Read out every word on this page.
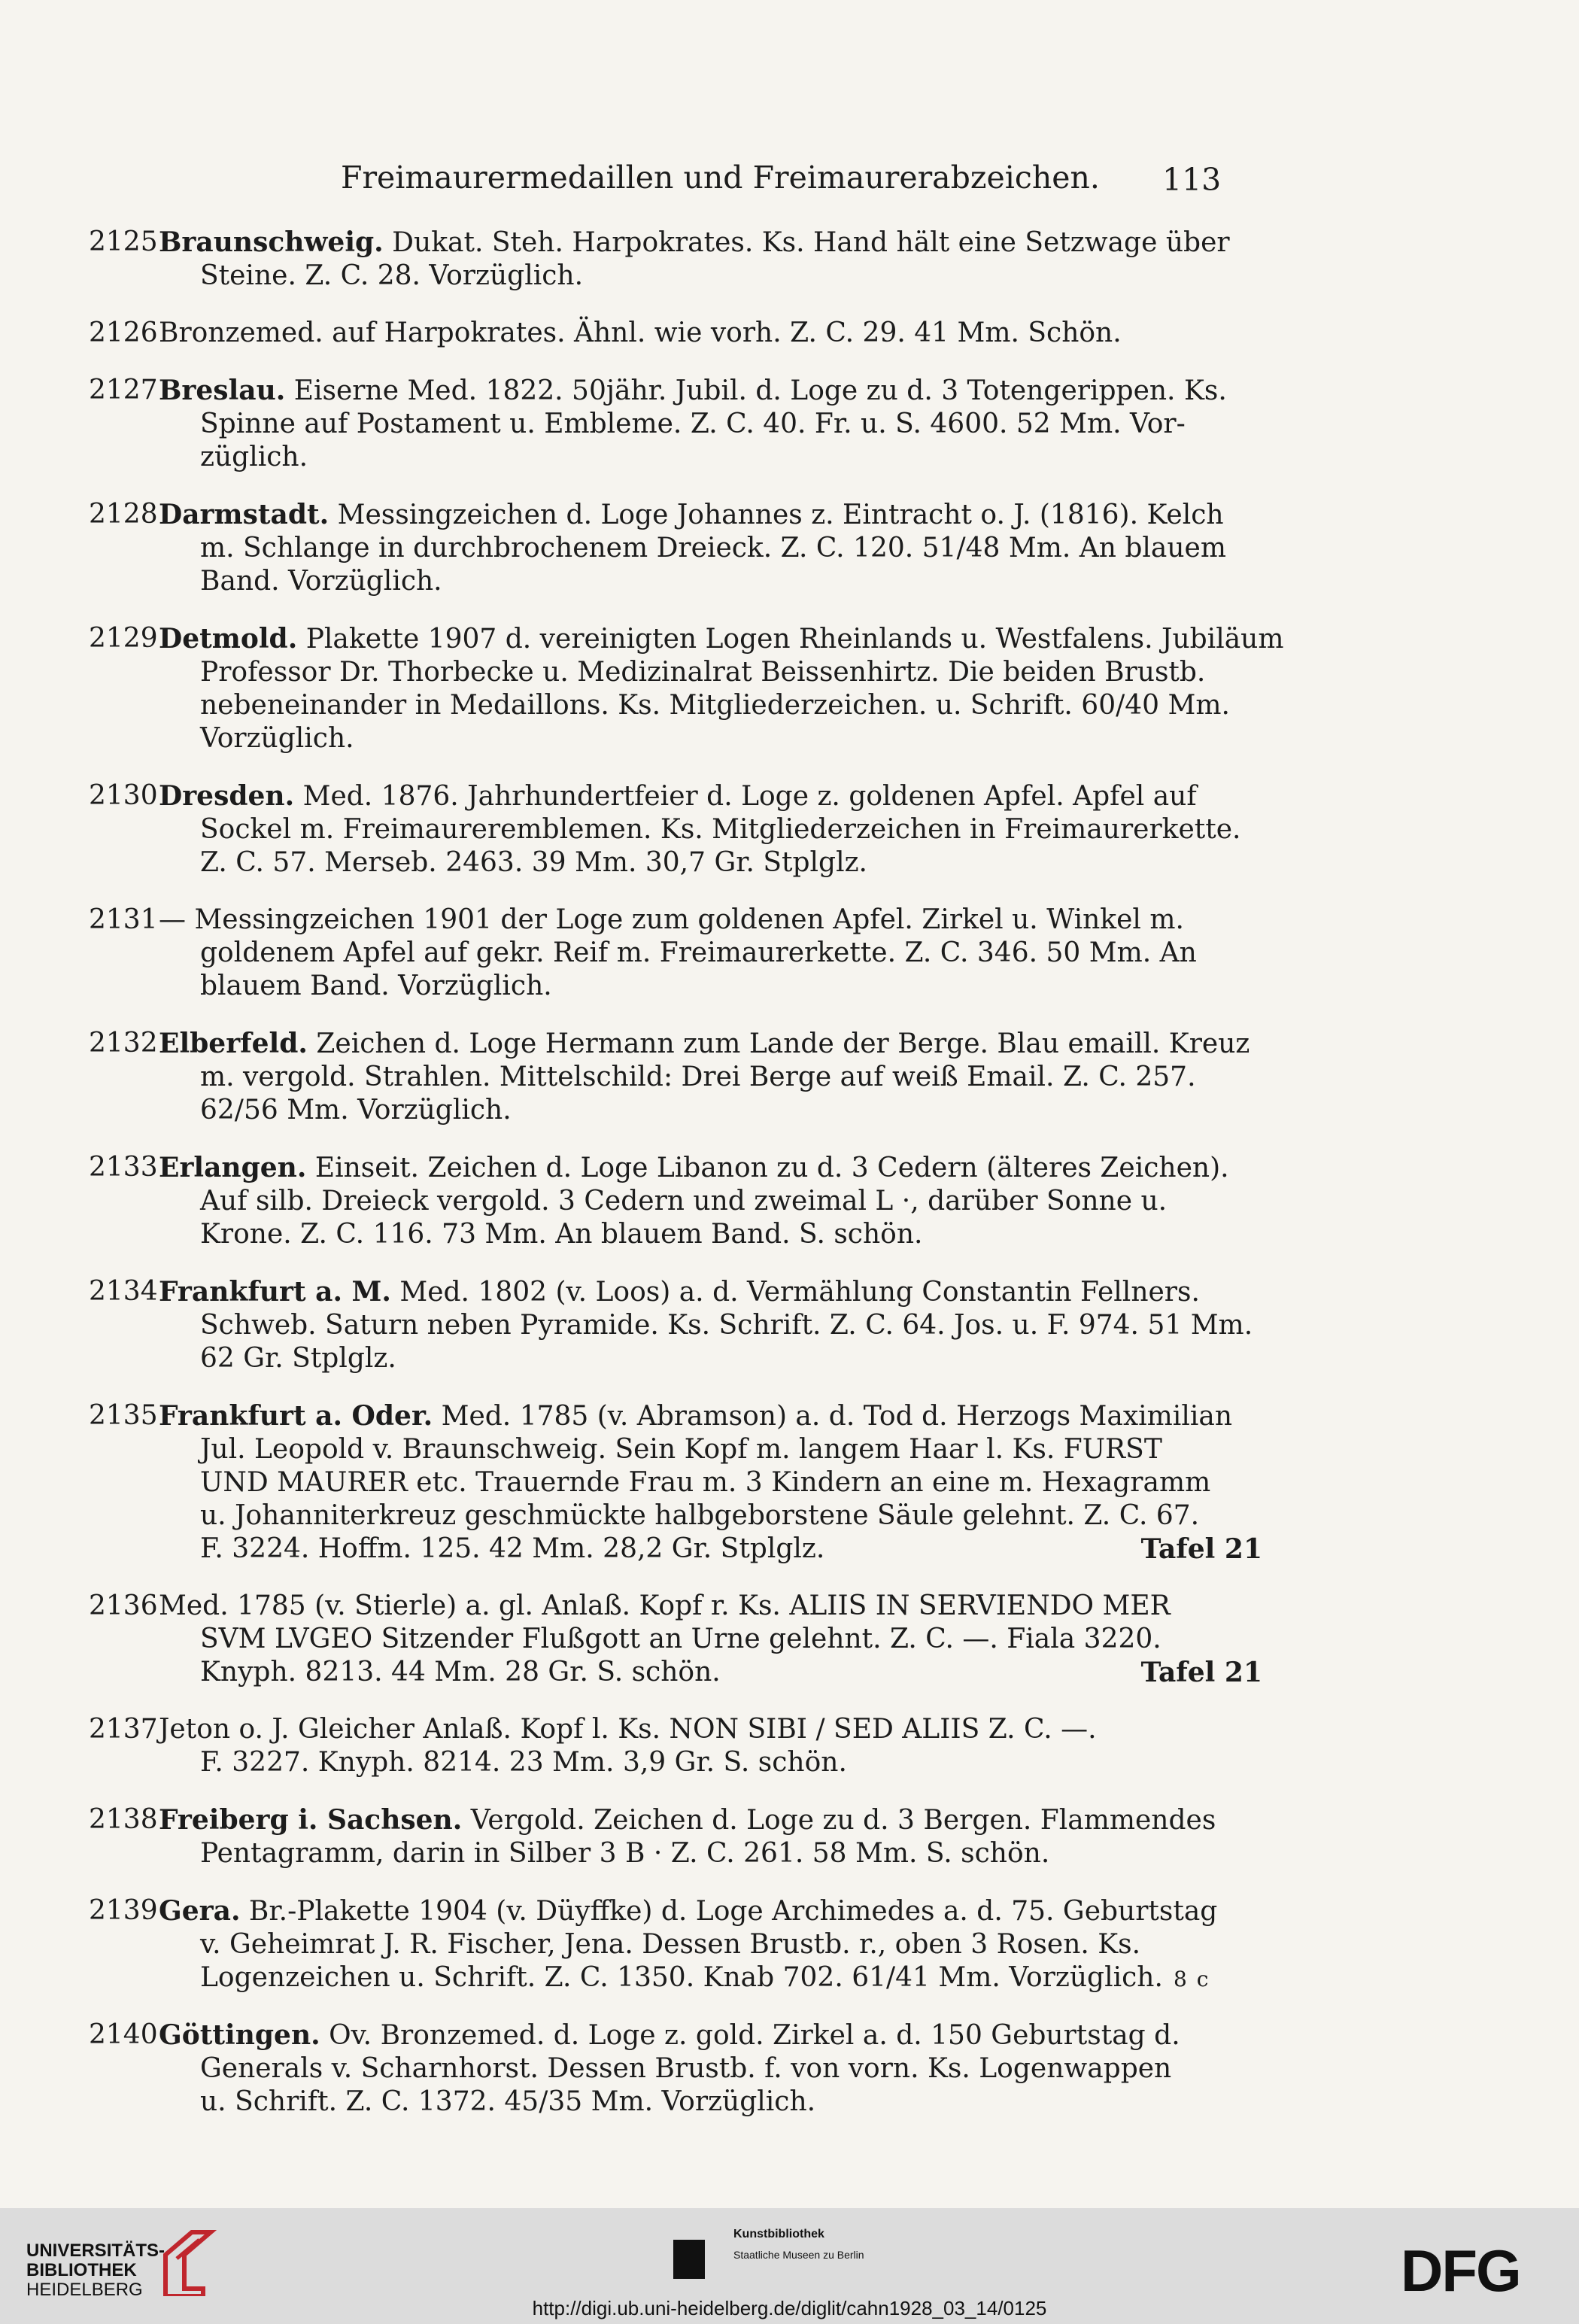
Freimaurermedaillen und Freimaurerabzeichen. 113
2125 Braunschweig. Dukat. Steh. Harpokrates. Ks. Hand hält eine Setzwage über
Steine. Z. C. 28. Vorzüglich.
2126 Bronzemed. auf Harpokrates. Ähnl. wie vorh. Z. C. 29. 41 Mm. Schön.
2127 Breslau. Eiserne Med. 1822. 50jähr. Jubil. d. Loge zu d. 3 Totengerippen. Ks.
Spinne auf Postament u. Embleme. Z. C. 40. Fr. u. S. 4600. 52 Mm. Vor-
züglich.
2128 Darmstadt. Messingzeichen d. Loge Johannes z. Eintracht o. J. (1816). Kelch
m. Schlange in durchbrochenem Dreieck. Z. C. 120. 51/48 Mm. An blauem
Band. Vorzüglich.
2129 Detmold. Plakette 1907 d. vereinigten Logen Rheinlands u. Westfalens. Jubiläum
Professor Dr. Thorbecke u. Medizinalrat Beissenhirtz. Die beiden Brustb.
nebeneinander in Medaillons. Ks. Mitgliederzeichen. u. Schrift. 60/40 Mm.
Vorzüglich.
2130 Dresden. Med. 1876. Jahrhundertfeier d. Loge z. goldenen Apfel. Apfel auf
Sockel m. Freimaureremblemen. Ks. Mitgliederzeichen in Freimaurerkette.
Z. C. 57. Merseb. 2463. 39 Mm. 30,7 Gr. Stplglz.
2131 — Messingzeichen 1901 der Loge zum goldenen Apfel. Zirkel u. Winkel m.
goldenem Apfel auf gekr. Reif m. Freimaurerkette. Z. C. 346. 50 Mm. An
blauem Band. Vorzüglich.
2132 Elberfeld. Zeichen d. Loge Hermann zum Lande der Berge. Blau emaill. Kreuz
m. vergold. Strahlen. Mittelschild: Drei Berge auf weiß Email. Z. C. 257.
62/56 Mm. Vorzüglich.
2133 Erlangen. Einseit. Zeichen d. Loge Libanon zu d. 3 Cedern (älteres Zeichen).
Auf silb. Dreieck vergold. 3 Cedern und zweimal L ·, darüber Sonne u.
Krone. Z. C. 116. 73 Mm. An blauem Band. S. schön.
2134 Frankfurt a. M. Med. 1802 (v. Loos) a. d. Vermählung Constantin Fellners.
Schweb. Saturn neben Pyramide. Ks. Schrift. Z. C. 64. Jos. u. F. 974. 51 Mm.
62 Gr. Stplglz.
2135 Frankfurt a. Oder. Med. 1785 (v. Abramson) a. d. Tod d. Herzogs Maximilian
Jul. Leopold v. Braunschweig. Sein Kopf m. langem Haar l. Ks. FURST
UND MAURER etc. Trauernde Frau m. 3 Kindern an eine m. Hexagramm
u. Johanniterkreuz geschmückte halbgeborstene Säule gelehnt. Z. C. 67.
F. 3224. Hoffm. 125. 42 Mm. 28,2 Gr. Stplglz.	Tafel 21
2136 Med. 1785 (v. Stierle) a. gl. Anlaß. Kopf r. Ks. ALIIS IN SERVIENDO MER
SVM LVGEO Sitzender Flußgott an Urne gelehnt. Z. C. —. Fiala 3220.
Knyph. 8213. 44 Mm. 28 Gr. S. schön.	Tafel 21
2137 Jeton o. J. Gleicher Anlaß. Kopf l. Ks. NON SIBI / SED ALIIS Z. C. —.
F. 3227. Knyph. 8214. 23 Mm. 3,9 Gr. S. schön.
2138 Freiberg i. Sachsen. Vergold. Zeichen d. Loge zu d. 3 Bergen. Flammendes
Pentagramm, darin in Silber 3 B · Z. C. 261. 58 Mm. S. schön.
2139 Gera. Br.-Plakette 1904 (v. Düyffke) d. Loge Archimedes a. d. 75. Geburtstag
v. Geheimrat J. R. Fischer, Jena. Dessen Brustb. r., oben 3 Rosen. Ks.
Logenzeichen u. Schrift. Z. C. 1350. Knab 702. 61/41 Mm. Vorzüglich.
2140 Göttingen. Ov. Bronzemed. d. Loge z. gold. Zirkel a. d. 150 Geburtstag d.
Generals v. Scharnhorst. Dessen Brustb. f. von vorn. Ks. Logenwappen
u. Schrift. Z. C. 1372. 45/35 Mm. Vorzüglich.
8 c
UNIVERSITÄTS-
BIBLIOTHEK
HEIDELBERG
Kunstbibliothek
Staatliche Museen zu Berlin	DFG
http://digi.ub.uni-heidelberg.de/diglit/cahn1928_03_14/0125
